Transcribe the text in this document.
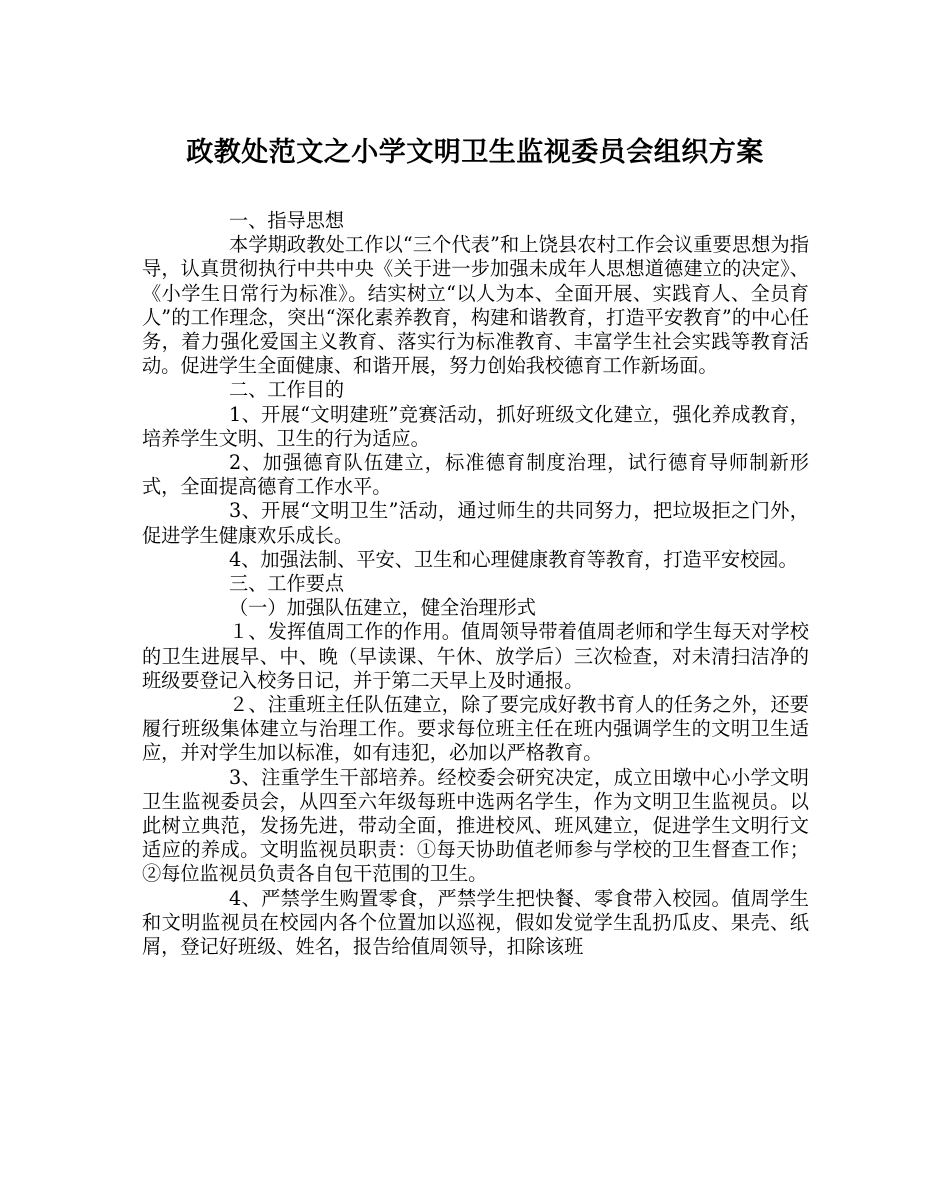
政教处范文之小学文明卫生监视委员会组织方案

一、指导思想

本学期政教处工作以“三个代表”和上饶县农村工作会议重要思想为指导，认真贯彻执行中共中央《关于进一步加强未成年人思想道德建立的决定》、《小学生日常行为标准》。结实树立“以人为本、全面开展、实践育人、全员育人”的工作理念，突出“深化素养教育，构建和谐教育，打造平安教育”的中心任务，着力强化爱国主义教育、落实行为标准教育、丰富学生社会实践等教育活动。促进学生全面健康、和谐开展，努力创始我校德育工作新场面。

二、工作目的

1、开展“文明建班”竞赛活动，抓好班级文化建立，强化养成教育，培养学生文明、卫生的行为适应。

2、加强德育队伍建立，标准德育制度治理，试行德育导师制新形式，全面提高德育工作水平。

3、开展“文明卫生”活动，通过师生的共同努力，把垃圾拒之门外，促进学生健康欢乐成长。

4、加强法制、平安、卫生和心理健康教育等教育，打造平安校园。

三、工作要点

（一）加强队伍建立，健全治理形式

１、发挥值周工作的作用。值周领导带着值周老师和学生每天对学校的卫生进展早、中、晚（早读课、午休、放学后）三次检查，对未清扫洁净的班级要登记入校务日记，并于第二天早上及时通报。

２、注重班主任队伍建立，除了要完成好教书育人的任务之外，还要履行班级集体建立与治理工作。要求每位班主任在班内强调学生的文明卫生适应，并对学生加以标准，如有违犯，必加以严格教育。

3、注重学生干部培养。经校委会研究决定，成立田墩中心小学文明卫生监视委员会，从四至六年级每班中选两名学生，作为文明卫生监视员。以此树立典范，发扬先进，带动全面，推进校风、班风建立，促进学生文明行文适应的养成。文明监视员职责：①每天协助值老师参与学校的卫生督查工作；②每位监视员负责各自包干范围的卫生。

4、严禁学生购置零食，严禁学生把快餐、零食带入校园。值周学生和文明监视员在校园内各个位置加以巡视，假如发觉学生乱扔瓜皮、果壳、纸屑，登记好班级、姓名，报告给值周领导，扣除该班
